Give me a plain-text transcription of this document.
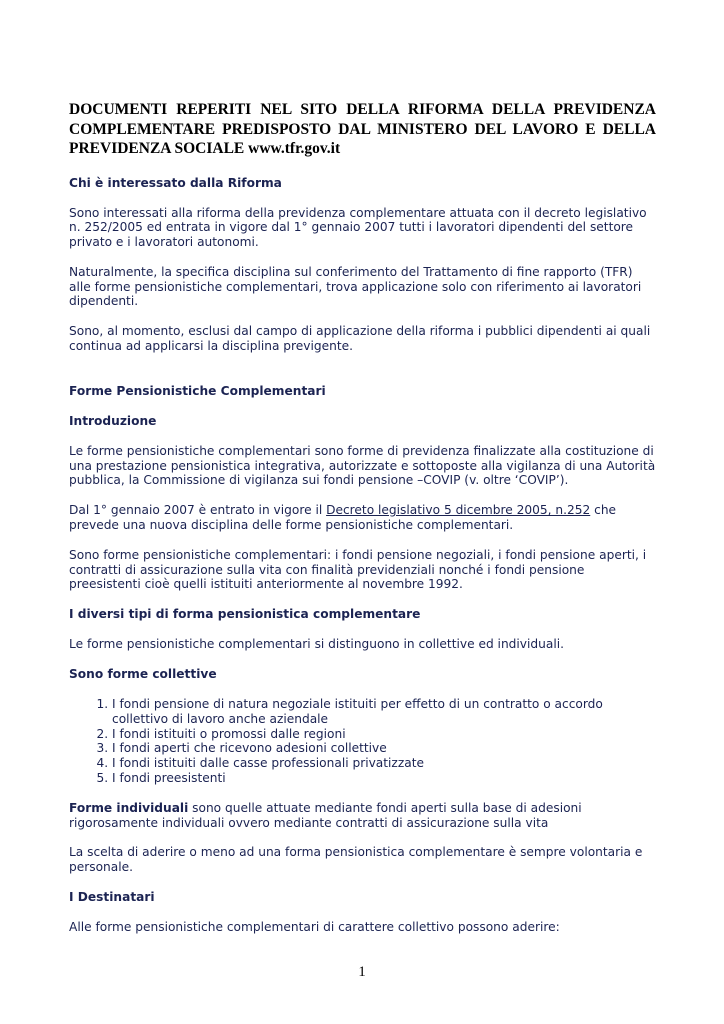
DOCUMENTI REPERITI NEL SITO DELLA RIFORMA DELLA PREVIDENZA COMPLEMENTARE PREDISPOSTO DAL MINISTERO DEL LAVORO E DELLA PREVIDENZA SOCIALE www.tfr.gov.it
Chi è interessato dalla Riforma

Sono interessati alla riforma della previdenza complementare attuata con il decreto legislativo n. 252/2005 ed entrata in vigore dal 1° gennaio 2007 tutti i lavoratori dipendenti del settore privato e i lavoratori autonomi.

Naturalmente, la specifica disciplina sul conferimento del Trattamento di fine rapporto (TFR) alle forme pensionistiche complementari, trova applicazione solo con riferimento ai lavoratori dipendenti.

Sono, al momento, esclusi dal campo di applicazione della riforma i pubblici dipendenti ai quali continua ad applicarsi la disciplina previgente.

Forme Pensionistiche Complementari
Introduzione

Le forme pensionistiche complementari sono forme di previdenza finalizzate alla costituzione di una prestazione pensionistica integrativa, autorizzate e sottoposte alla vigilanza di una Autorità pubblica, la Commissione di vigilanza sui fondi pensione –COVIP (v. oltre ‘COVIP’).

Dal 1° gennaio 2007 è entrato in vigore il Decreto legislativo 5 dicembre 2005, n.252 che prevede una nuova disciplina delle forme pensionistiche complementari.

Sono forme pensionistiche complementari: i fondi pensione negoziali, i fondi pensione aperti, i contratti di assicurazione sulla vita con finalità previdenziali nonché i fondi pensione preesistenti cioè quelli istituiti anteriormente al novembre 1992.

I diversi tipi di forma pensionistica complementare

Le forme pensionistiche complementari si distinguono in collettive ed individuali.

Sono forme collettive
1. I fondi pensione di natura negoziale istituiti per effetto di un contratto o accordo collettivo di lavoro anche aziendale
2. I fondi istituiti o promossi dalle regioni
3. I fondi aperti che ricevono adesioni collettive
4. I fondi istituiti dalle casse professionali privatizzate
5. I fondi preesistenti

Forme individuali sono quelle attuate mediante fondi aperti sulla base di adesioni rigorosamente individuali ovvero mediante contratti di assicurazione sulla vita

La scelta di aderire o meno ad una forma pensionistica complementare è sempre volontaria e personale.

I Destinatari

Alle forme pensionistiche complementari di carattere collettivo possono aderire:

1
